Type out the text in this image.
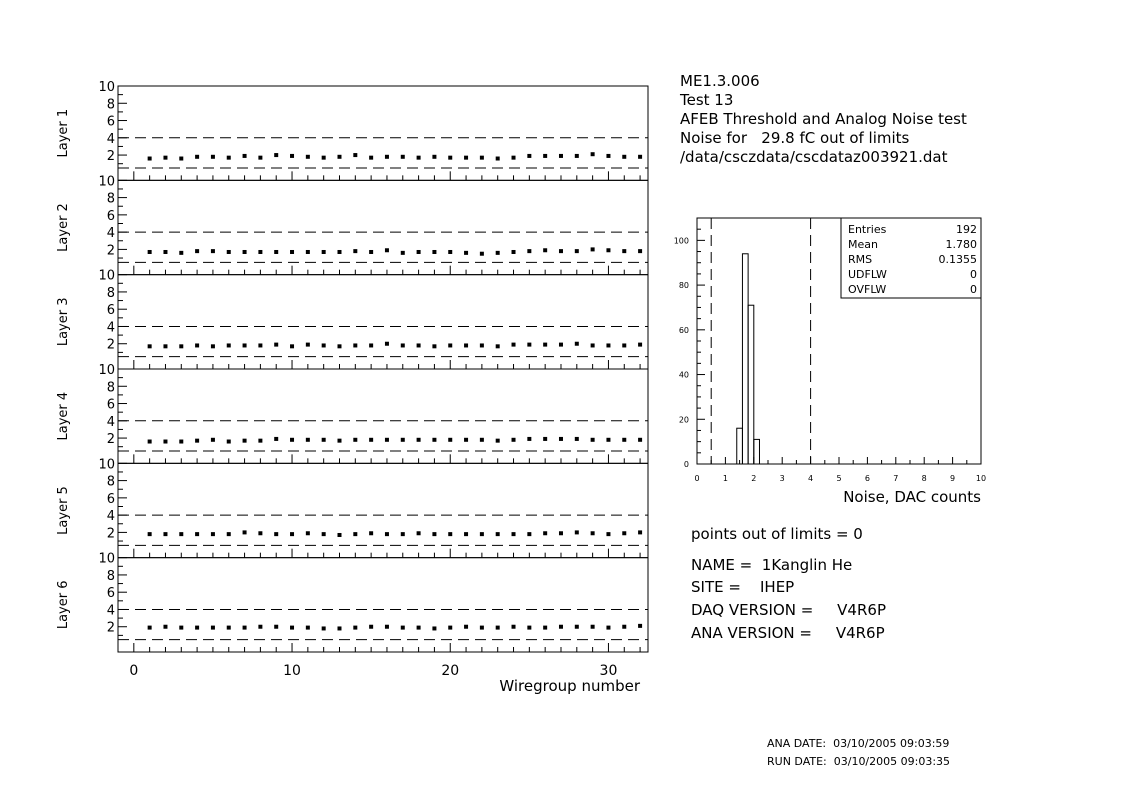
2
4
6
8
10
Layer 1
2
4
6
8
10
Layer 2
2
4
6
8
10
Layer 3
2
4
6
8
10
Layer 4
2
4
6
8
10
Layer 5
2
4
6
8
10
Layer 6
0	10	20	30
Wiregroup number
0
20
40
60
80
100
0	1	2	3	4	5	6	7	8	9	10
Noise, DAC counts
Entries	192
Mean	1.780
RMS	0.1355
UDFLW	0
OVFLW	0
ME1.3.006
Test 13
AFEB Threshold and Analog Noise test
Noise for   29.8 fC out of limits
/data/csczdata/cscdataz003921.dat
points out of limits = 0
NAME =  1Kanglin He
SITE =    IHEP
DAQ VERSION =     V4R6P
ANA VERSION =     V4R6P
ANA DATE:  03/10/2005 09:03:59
RUN DATE:  03/10/2005 09:03:35
